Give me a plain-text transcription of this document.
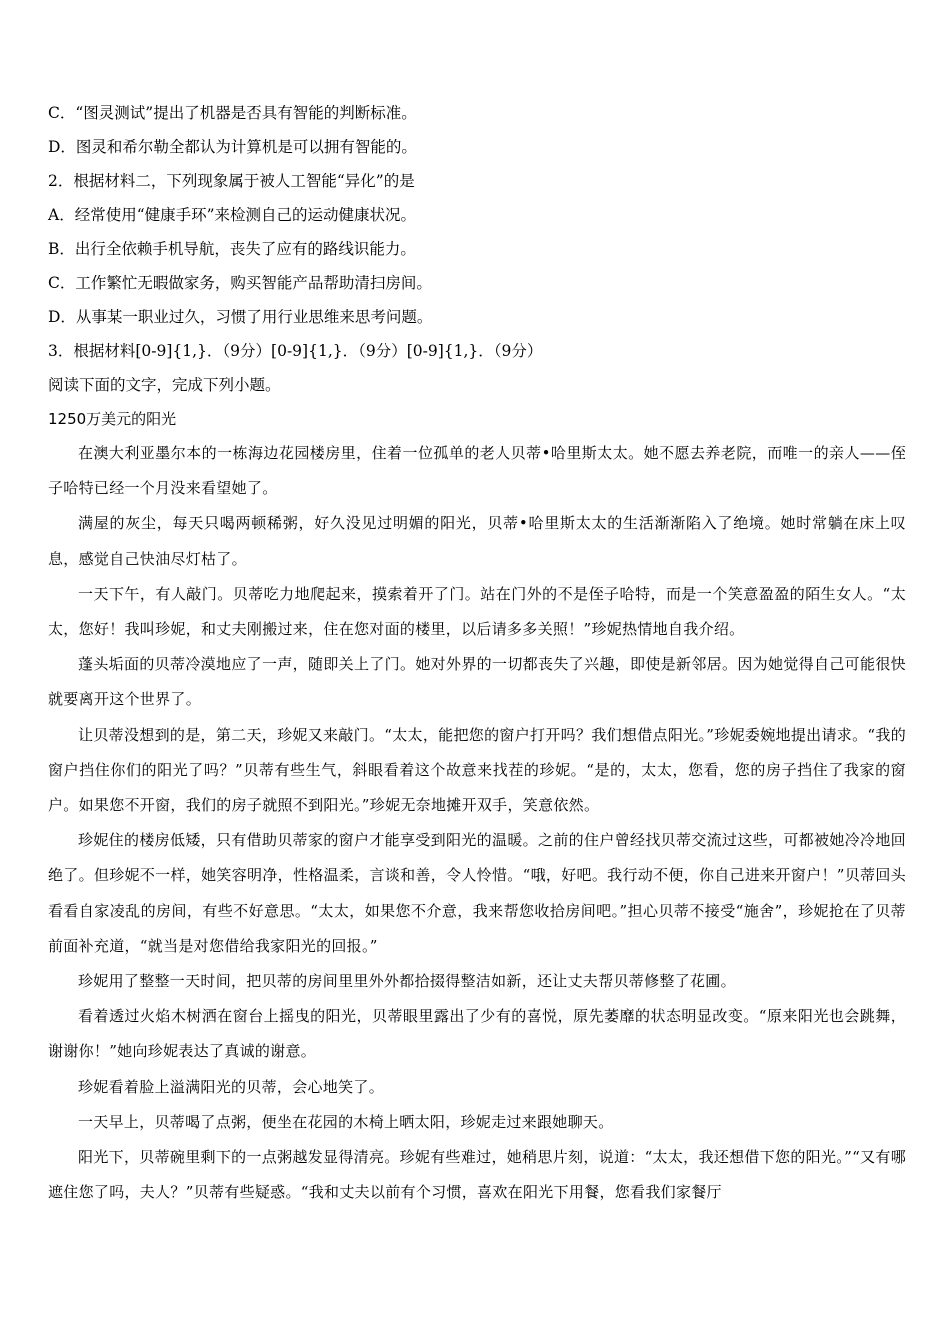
C．“图灵测试”提出了机器是否具有智能的判断标准。
D．图灵和希尔勒全都认为计算机是可以拥有智能的。
2．根据材料二，下列现象属于被人工智能“异化”的是
A．经常使用“健康手环”来检测自己的运动健康状况。
B．出行全依赖手机导航，丧失了应有的路线识能力。
C．工作繁忙无暇做家务，购买智能产品帮助清扫房间。
D．从事某一职业过久，习惯了用行业思维来思考问题。
3．根据材料[0-9]{1,}．（9分）[0-9]{1,}．（9分）[0-9]{1,}．（9分）
阅读下面的文字，完成下列小题。
1250万美元的阳光

在澳大利亚墨尔本的一栋海边花园楼房里，住着一位孤单的老人贝蒂•哈里斯太太。她不愿去养老院，而唯一的亲人——侄子哈特已经一个月没来看望她了。

满屋的灰尘，每天只喝两顿稀粥，好久没见过明媚的阳光，贝蒂•哈里斯太太的生活渐渐陷入了绝境。她时常躺在床上叹息，感觉自己快油尽灯枯了。

一天下午，有人敲门。贝蒂吃力地爬起来，摸索着开了门。站在门外的不是侄子哈特，而是一个笑意盈盈的陌生女人。“太太，您好！我叫珍妮，和丈夫刚搬过来，住在您对面的楼里，以后请多多关照！”珍妮热情地自我介绍。

蓬头垢面的贝蒂冷漠地应了一声，随即关上了门。她对外界的一切都丧失了兴趣，即使是新邻居。因为她觉得自己可能很快就要离开这个世界了。

让贝蒂没想到的是，第二天，珍妮又来敲门。“太太，能把您的窗户打开吗？我们想借点阳光。”珍妮委婉地提出请求。“我的窗户挡住你们的阳光了吗？”贝蒂有些生气，斜眼看着这个故意来找茬的珍妮。“是的，太太，您看，您的房子挡住了我家的窗户。如果您不开窗，我们的房子就照不到阳光。”珍妮无奈地摊开双手，笑意依然。

珍妮住的楼房低矮，只有借助贝蒂家的窗户才能享受到阳光的温暖。之前的住户曾经找贝蒂交流过这些，可都被她冷冷地回绝了。但珍妮不一样，她笑容明净，性格温柔，言谈和善，令人怜惜。“哦，好吧。我行动不便，你自己进来开窗户！”贝蒂回头看看自家凌乱的房间，有些不好意思。“太太，如果您不介意，我来帮您收拾房间吧。”担心贝蒂不接受“施舍”，珍妮抢在了贝蒂前面补充道，“就当是对您借给我家阳光的回报。”

珍妮用了整整一天时间，把贝蒂的房间里里外外都拾掇得整洁如新，还让丈夫帮贝蒂修整了花圃。

看着透过火焰木树洒在窗台上摇曳的阳光，贝蒂眼里露出了少有的喜悦，原先萎靡的状态明显改变。“原来阳光也会跳舞，谢谢你！”她向珍妮表达了真诚的谢意。

珍妮看着脸上溢满阳光的贝蒂，会心地笑了。

一天早上，贝蒂喝了点粥，便坐在花园的木椅上晒太阳，珍妮走过来跟她聊天。

阳光下，贝蒂碗里剩下的一点粥越发显得清亮。珍妮有些难过，她稍思片刻，说道：“太太，我还想借下您的阳光。”“又有哪遮住您了吗，夫人？”贝蒂有些疑惑。“我和丈夫以前有个习惯，喜欢在阳光下用餐，您看我们家餐厅
